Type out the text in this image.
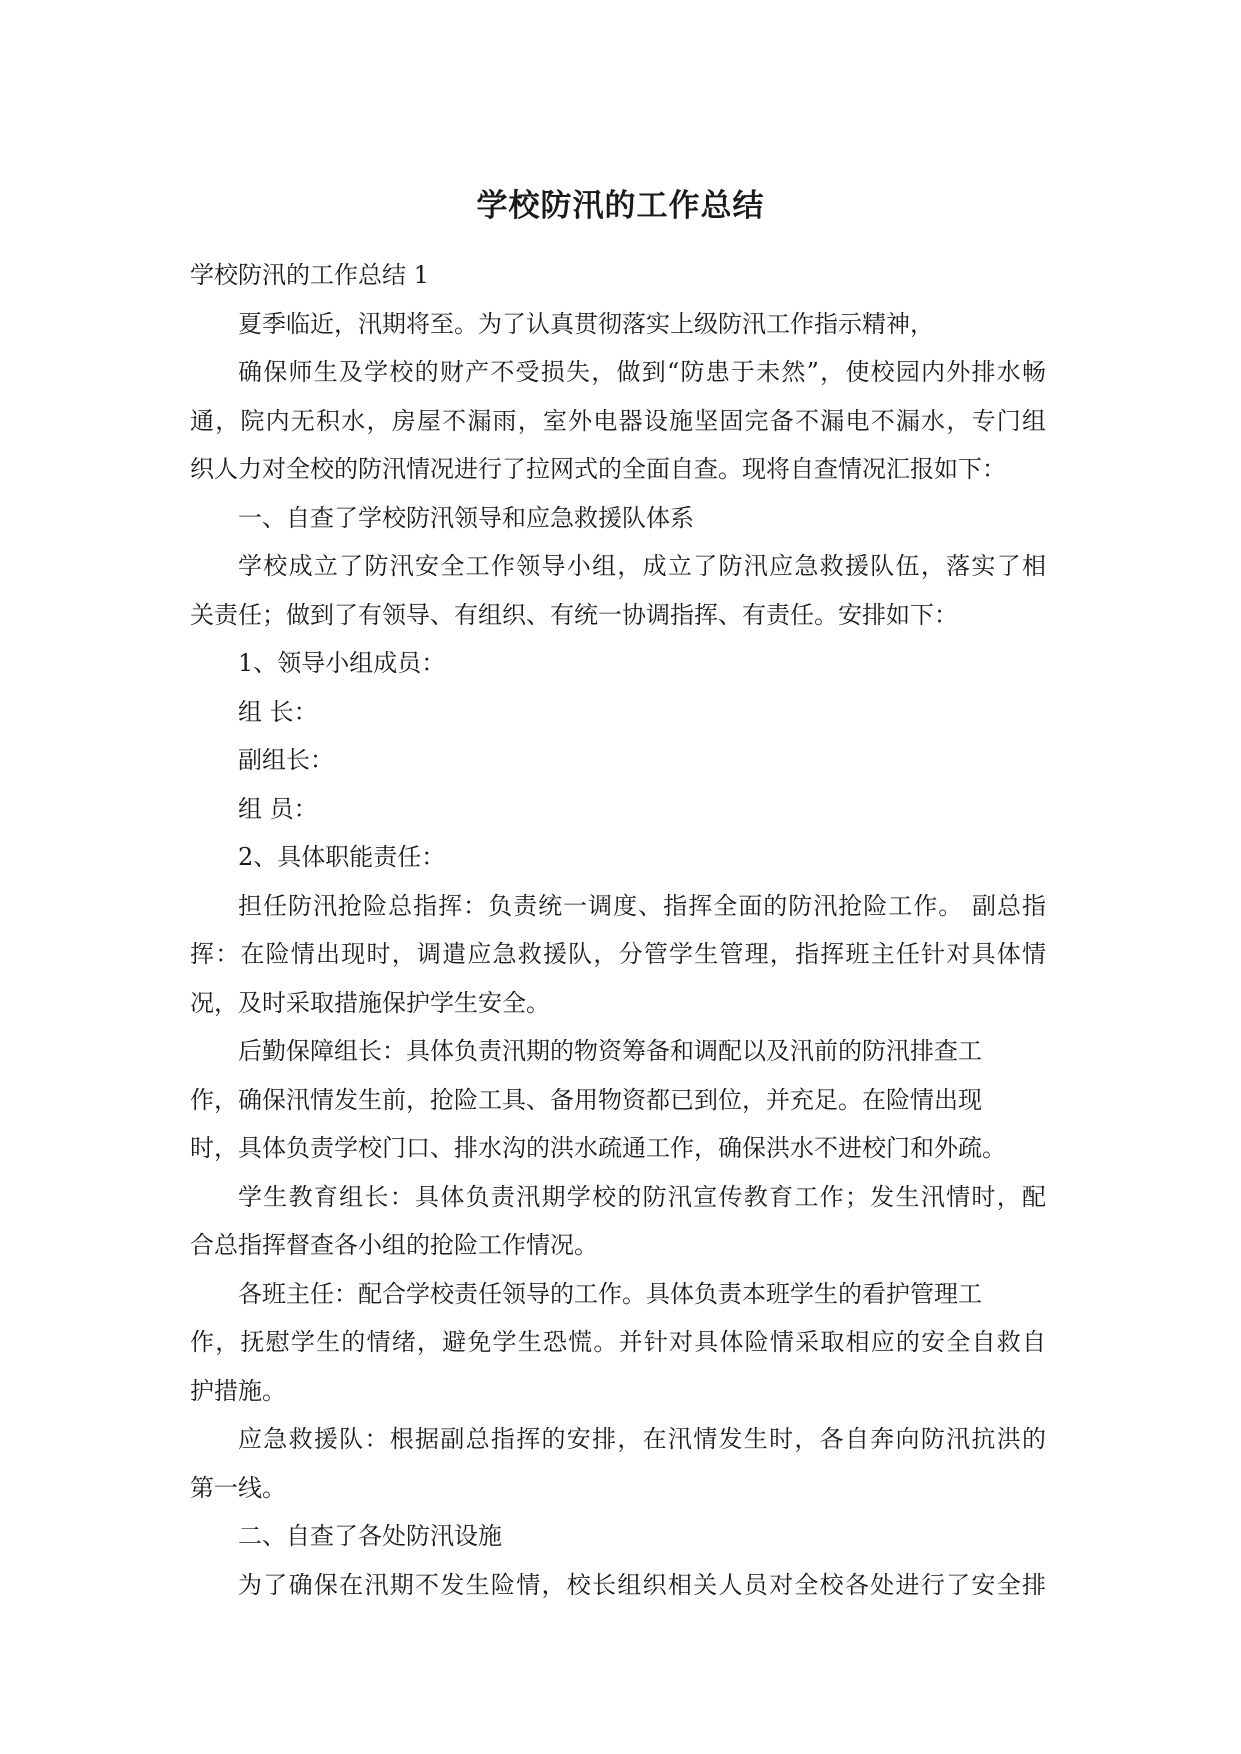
学校防汛的工作总结
学校防汛的工作总结 1
夏季临近，汛期将至。为了认真贯彻落实上级防汛工作指示精神，
确保师生及学校的财产不受损失，做到“防患于未然”，使校园内外排水畅
通，院内无积水，房屋不漏雨，室外电器设施坚固完备不漏电不漏水，专门组
织人力对全校的防汛情况进行了拉网式的全面自查。现将自查情况汇报如下：
一、自查了学校防汛领导和应急救援队体系
学校成立了防汛安全工作领导小组，成立了防汛应急救援队伍，落实了相
关责任；做到了有领导、有组织、有统一协调指挥、有责任。安排如下：
1、领导小组成员：
组 长：
副组长：
组 员：
2、具体职能责任：
担任防汛抢险总指挥：负责统一调度、指挥全面的防汛抢险工作。 副总指
挥：在险情出现时，调遣应急救援队，分管学生管理，指挥班主任针对具体情
况，及时采取措施保护学生安全。
后勤保障组长：具体负责汛期的物资筹备和调配以及汛前的防汛排查工
作，确保汛情发生前，抢险工具、备用物资都已到位，并充足。在险情出现
时，具体负责学校门口、排水沟的洪水疏通工作，确保洪水不进校门和外疏。
学生教育组长：具体负责汛期学校的防汛宣传教育工作；发生汛情时，配
合总指挥督查各小组的抢险工作情况。
各班主任：配合学校责任领导的工作。具体负责本班学生的看护管理工
作，抚慰学生的情绪，避免学生恐慌。并针对具体险情采取相应的安全自救自
护措施。
应急救援队：根据副总指挥的安排，在汛情发生时，各自奔向防汛抗洪的
第一线。
二、自查了各处防汛设施
为了确保在汛期不发生险情，校长组织相关人员对全校各处进行了安全排
